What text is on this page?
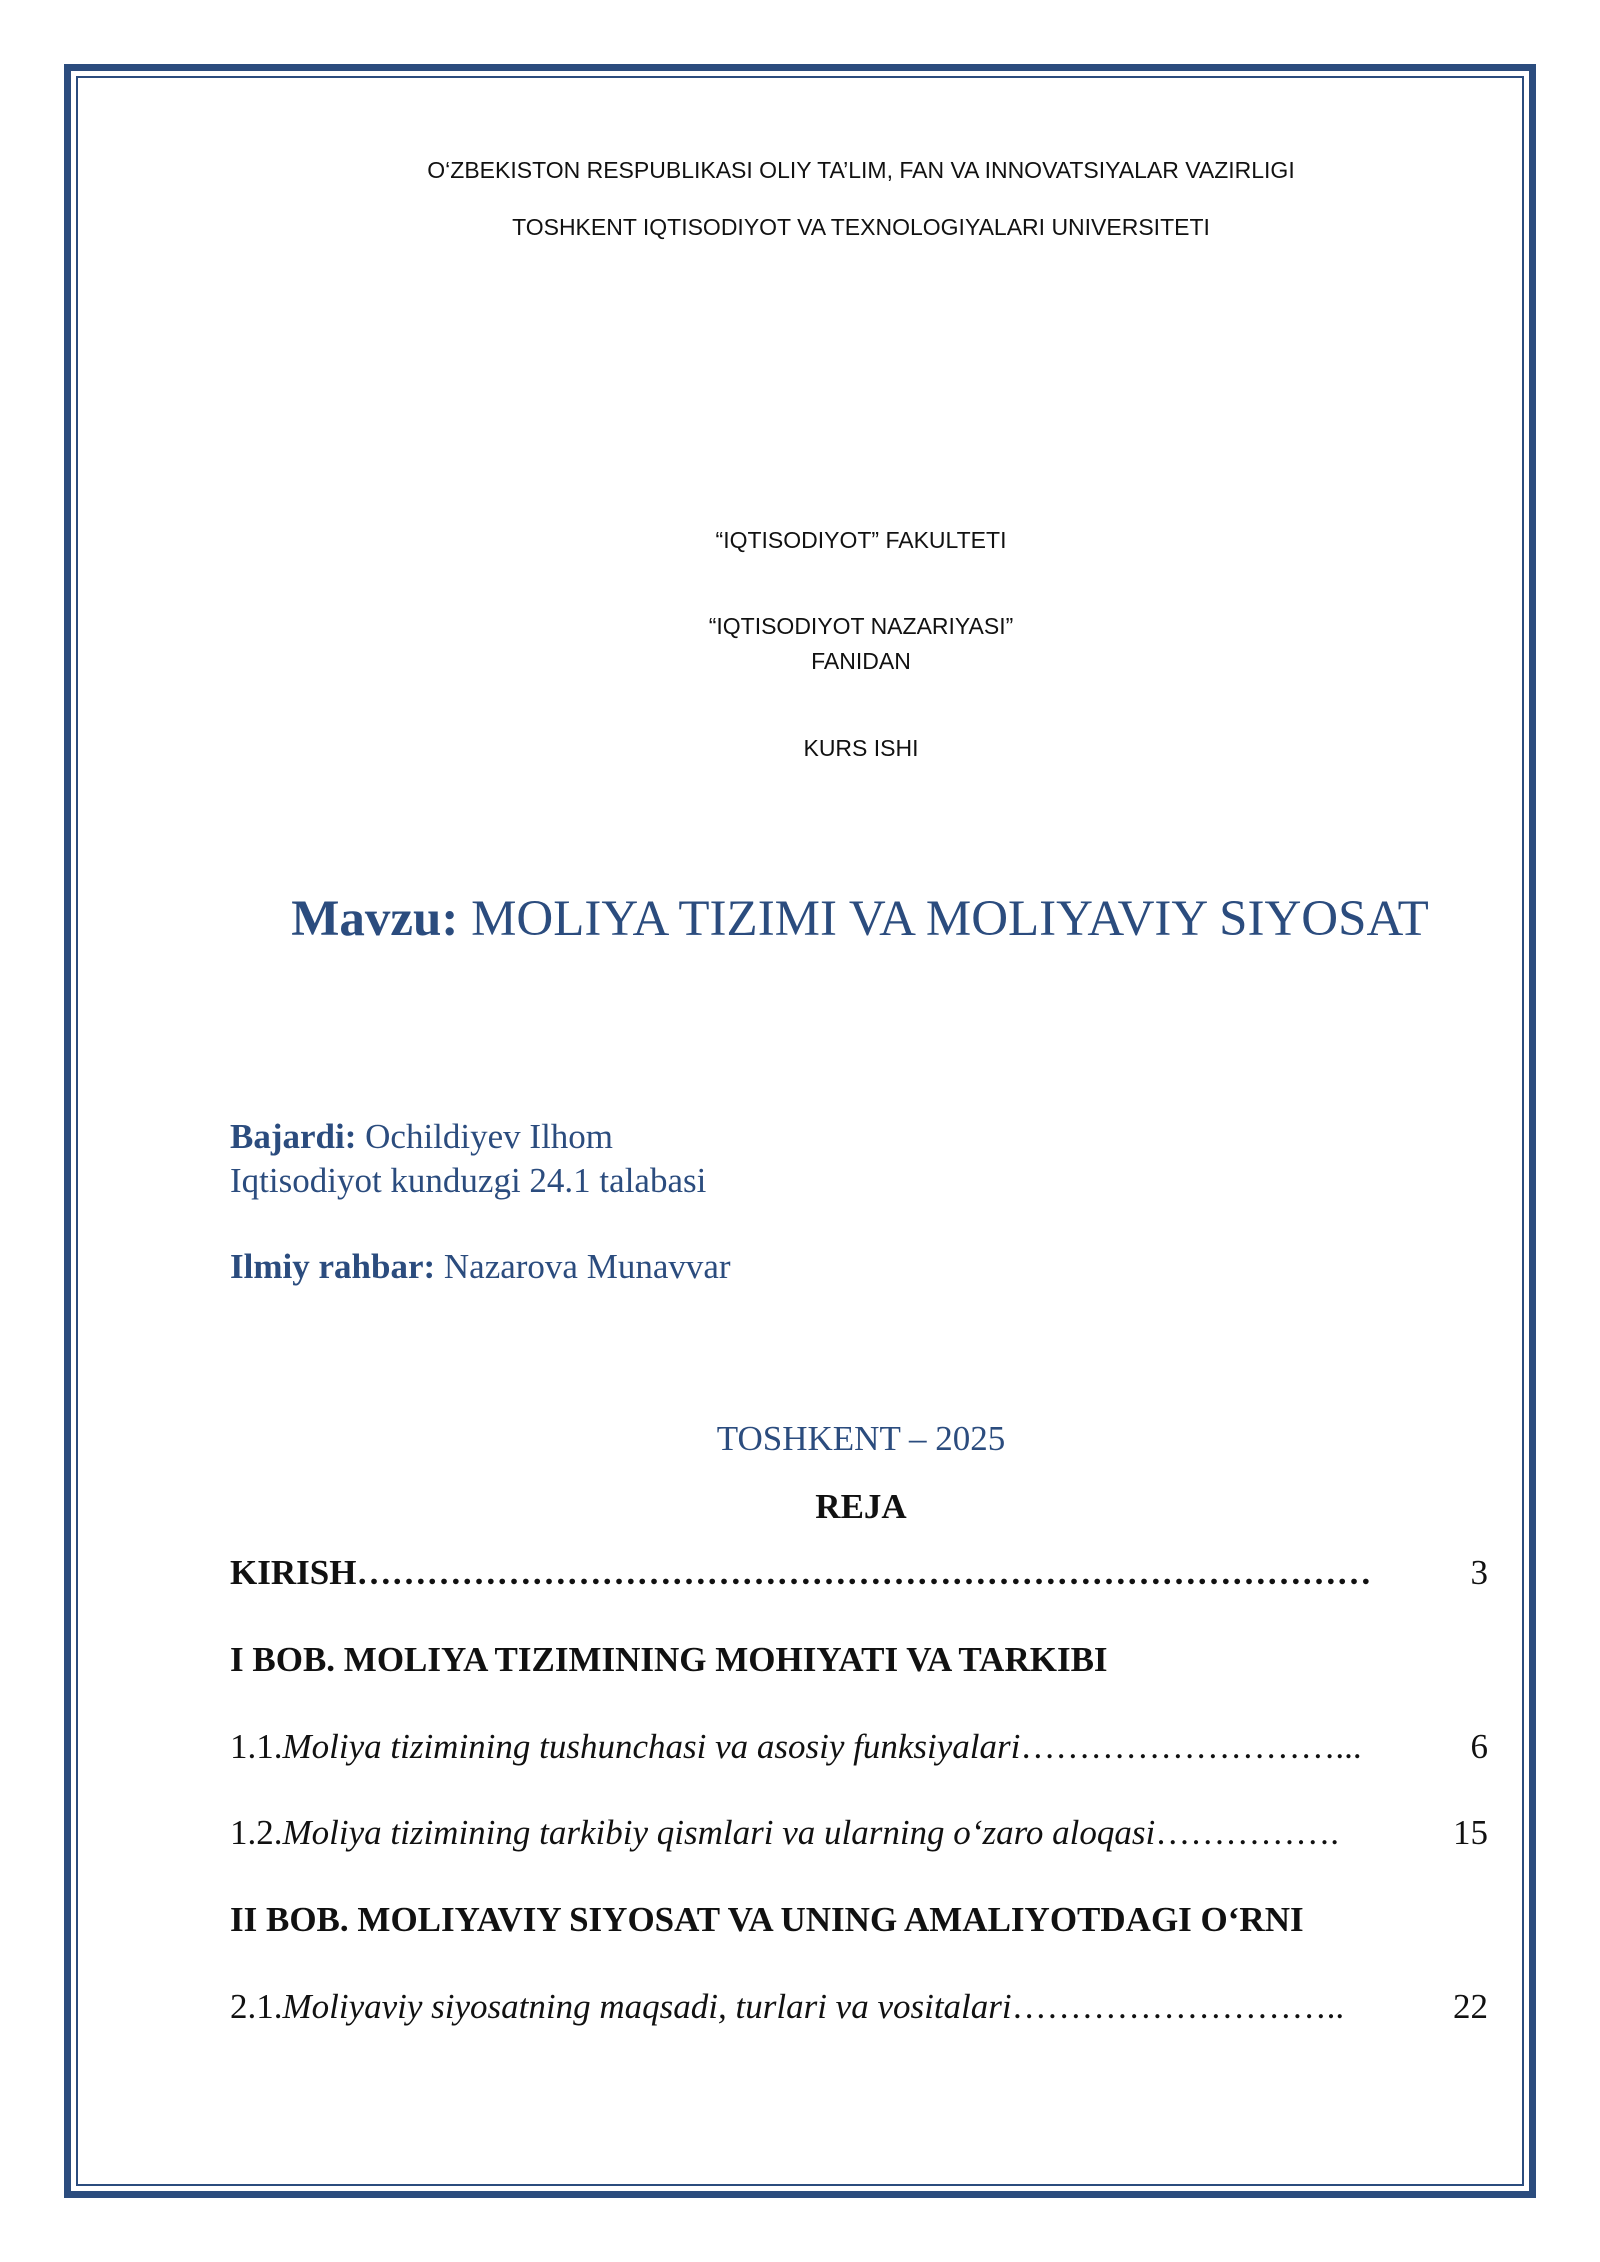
O‘ZBEKISTON RESPUBLIKASI OLIY TA’LIM, FAN VA INNOVATSIYALAR VAZIRLIGI
TOSHKENT IQTISODIYOT VA TEXNOLOGIYALARI UNIVERSITETI
“IQTISODIYOT” FAKULTETI
“IQTISODIYOT NAZARIYASI”
FANIDAN
KURS ISHI
Mavzu: MOLIYA TIZIMI VA MOLIYAVIY SIYOSAT
Bajardi: Ochildiyev Ilhom
Iqtisodiyot kunduzgi 24.1 talabasi
Ilmiy rahbar: Nazarova Munavvar
TOSHKENT – 2025
REJA
KIRISH ……………………………………………………………………………	3
I BOB. MOLIYA TIZIMINING MOHIYATI VA TARKIBI
1.1. Moliya tizimining tushunchasi va asosiy funksiyalari ………………………...	6
1.2. Moliya tizimining tarkibiy qismlari va ularning o‘zaro aloqasi …………….	15
II BOB. MOLIYAVIY SIYOSAT VA UNING AMALIYOTDAGI O‘RNI
2.1. Moliyaviy siyosatning maqsadi, turlari va vositalari ………………………..	22
